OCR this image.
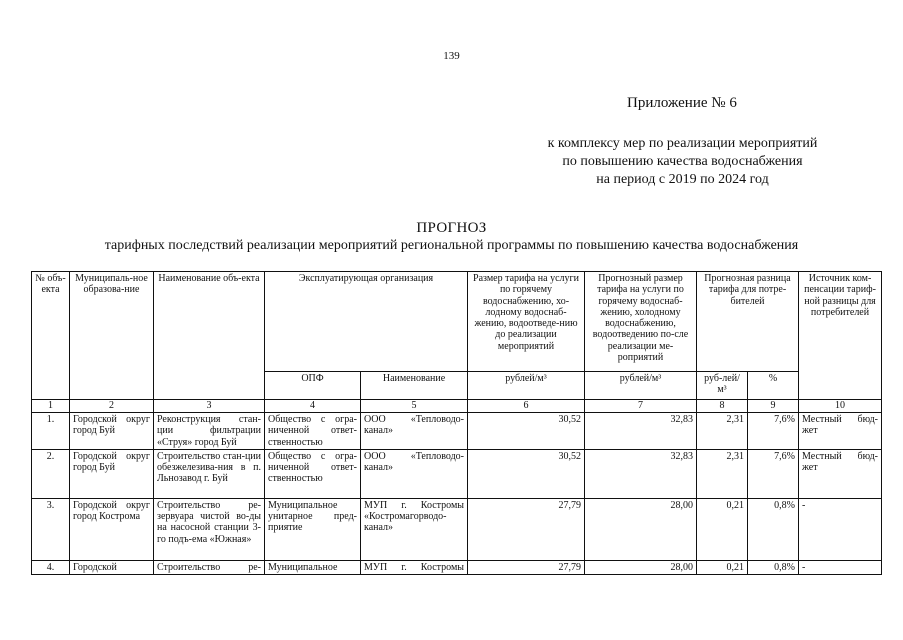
139
Приложение № 6
к комплексу мер по реализации мероприятий
по повышению качества водоснабжения
на период с 2019 по 2024 год
ПРОГНОЗ
тарифных последствий реализации мероприятий региональной программы по повышению качества водоснабжения
№ объ-екта	Муниципаль-ное образова-ние	Наименование объ-екта	Эксплуатирующая организация		Размер тарифа на услуги по горячему водоснабжению, хо-лодному водоснаб-жению, водоотведе-нию до реализации мероприятий	Прогнозный размер тарифа на услуги по горячему водоснаб-жению, холодному водоснабжению, водоотведению по-сле реализации ме-роприятий	Прогнозная разница тарифа для потре-бителей		Источник ком-пенсации тариф-ной разницы для потребителей
			ОПФ	Наименование	рублей/м³	рублей/м³	руб-лей/м³	%	
1	2	3	4	5	6	7	8	9	10
1.	Городской округ город Буй	Реконструкция стан-ции фильтрации «Струя» город Буй	Общество с огра-ниченной ответ-ственностью	ООО «Тепловодо-канал»	30,52	32,83	2,31	7,6%	Местный бюд-жет
2.	Городской округ город Буй	Строительство стан-ции обезжелезива-ния в п. Льнозавод г. Буй	Общество с огра-ниченной ответ-ственностью	ООО «Тепловодо-канал»	30,52	32,83	2,31	7,6%	Местный бюд-жет
3.	Городской округ город Кострома	Строительство ре-зервуара чистой во-ды на насосной станции 3-го подъ-ема «Южная»	Муниципальное унитарное пред-приятие	МУП г. Костромы «Костромагорводо-канал»	27,79	28,00	0,21	0,8%	-
4.	Городской	Строительство ре-	Муниципальное	МУП г. Костромы	27,79	28,00	0,21	0,8%	-
